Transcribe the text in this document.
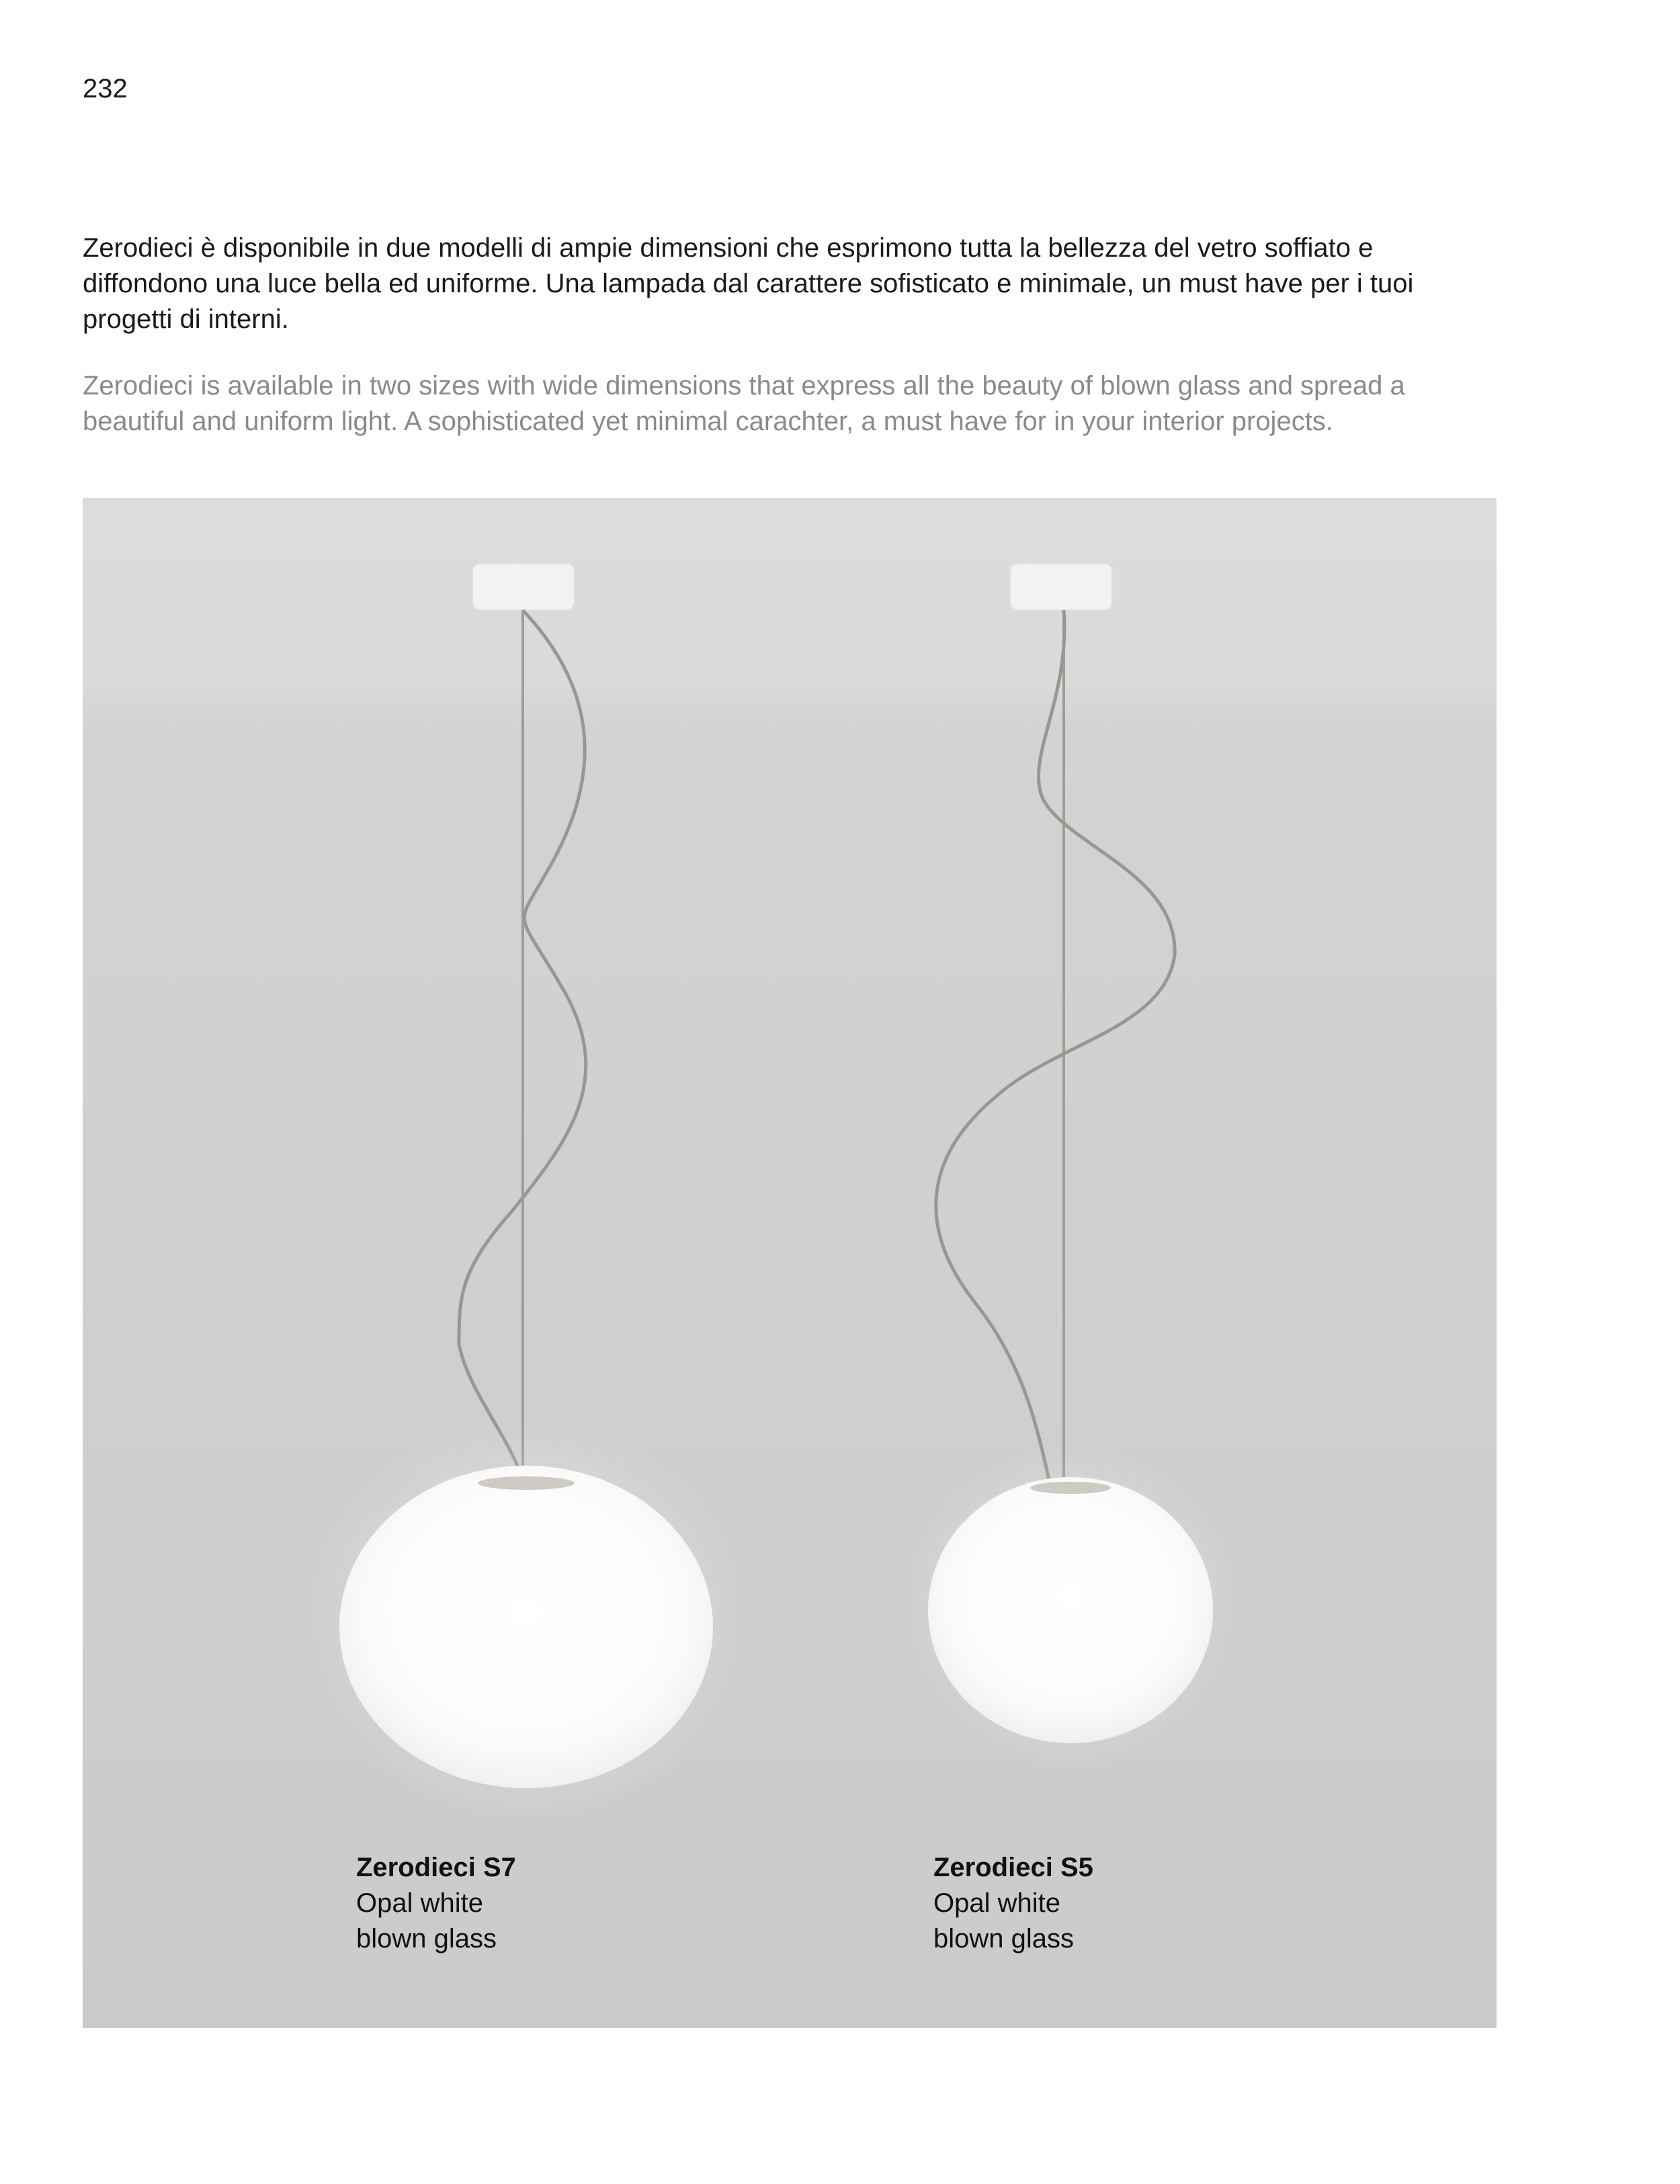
232

Zerodieci è disponibile in due modelli di ampie dimensioni che esprimono tutta la bellezza del vetro soffiato e diffondono una luce bella ed uniforme. Una lampada dal carattere sofisticato e minimale, un must have per i tuoi progetti di interni.

Zerodieci is available in two sizes with wide dimensions that express all the beauty of blown glass and spread a beautiful and uniform light. A sophisticated yet minimal carachter, a must have for in your interior projects.

Zerodieci S7
Opal white
blown glass
Zerodieci S5
Opal white
blown glass
